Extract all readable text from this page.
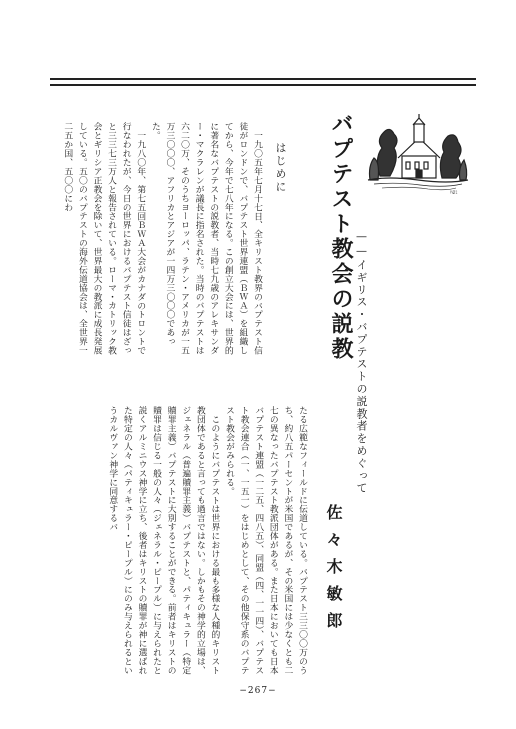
バプテスト教会の説教 ——イギリス・バプテストの説教者をめぐって
佐々木敏郎
ﾊﾛﾐ

たる広範なフィールドに伝道している。バプテスト三三〇〇万のうち、約八五パーセントが米国であるが、その米国には少なくとも二七の異なったバプテスト教派団体がある。また日本においても日本バプテスト連盟（一二五、四八五）、同盟（四、一一四）、バプテスト教会連合（一、一五一）をはじめとして、その他保守系のバプテスト教会がみられる。

このようにバプテストは世界における最も多様な人種的キリスト教団体であると言っても過言ではない。しかもその神学的立場は、ジェネラル（普遍贖罪主義）バプテストと、パティキュラー（特定贖罪主義）バプテストに大別することができる。前者はキリストの贖罪は信じる一般の人々（ジェネラル・ピープル）に与えられたと説くアルミニウス神学に立ち、後者はキリストの贖罪が神に選ばれた特定の人々（パティキュラー・ピープル）にのみ与えられるというカルヴァン神学に同意するバ

はじめに

一九〇五年七月十七日、全キリスト教界のバプテスト信徒がロンドンで、バプテスト世界連盟（ＢＷＡ）を組織してから、今年で七八年になる。この創立大会には、世界的に著名なバプテストの説教者、当時七九歳のアレキサンダー・マクラレンが議長に指名された。当時のバプテストは六二〇万、そのうちヨーロッパ、ラテン・アメリカが一五万三〇〇〇、アフリカとアジアが一四万三〇〇〇であった。

一九八〇年、第七五回ＢＷＡ大会がカナダのトロントで行なわれたが、今日の世界におけるバプテスト信徒はざっと三三七三万人と報告されている。ローマ・カトリック教会とギリシア正教会を除いて、世界最大の教派に成長発展している。五〇のバプテストの海外伝道協会は、全世界一二五か国、五〇〇にわ

−267−
